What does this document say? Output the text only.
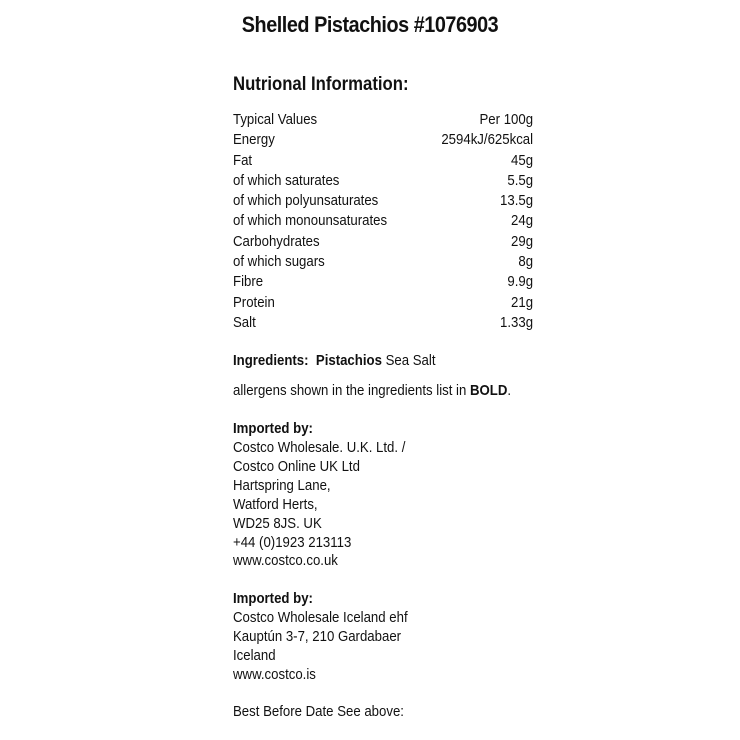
Shelled Pistachios #1076903
Nutrional Information:
Typical Values	Per 100g
Energy	2594kJ/625kcal
Fat	45g
of which saturates	5.5g
of which polyunsaturates	13.5g
of which monounsaturates	24g
Carbohydrates	29g
of which sugars	8g
Fibre	9.9g
Protein	21g
Salt	1.33g
Ingredients: Pistachios Sea Salt
allergens shown in the ingredients list in BOLD.
Imported by:
Costco Wholesale. U.K. Ltd. /
Costco Online UK Ltd
Hartspring Lane,
Watford Herts,
WD25 8JS. UK
+44 (0)1923 213113
www.costco.co.uk
Imported by:
Costco Wholesale Iceland ehf
Kauptún 3-7, 210 Gardabaer
Iceland
www.costco.is
Best Before Date See above:
